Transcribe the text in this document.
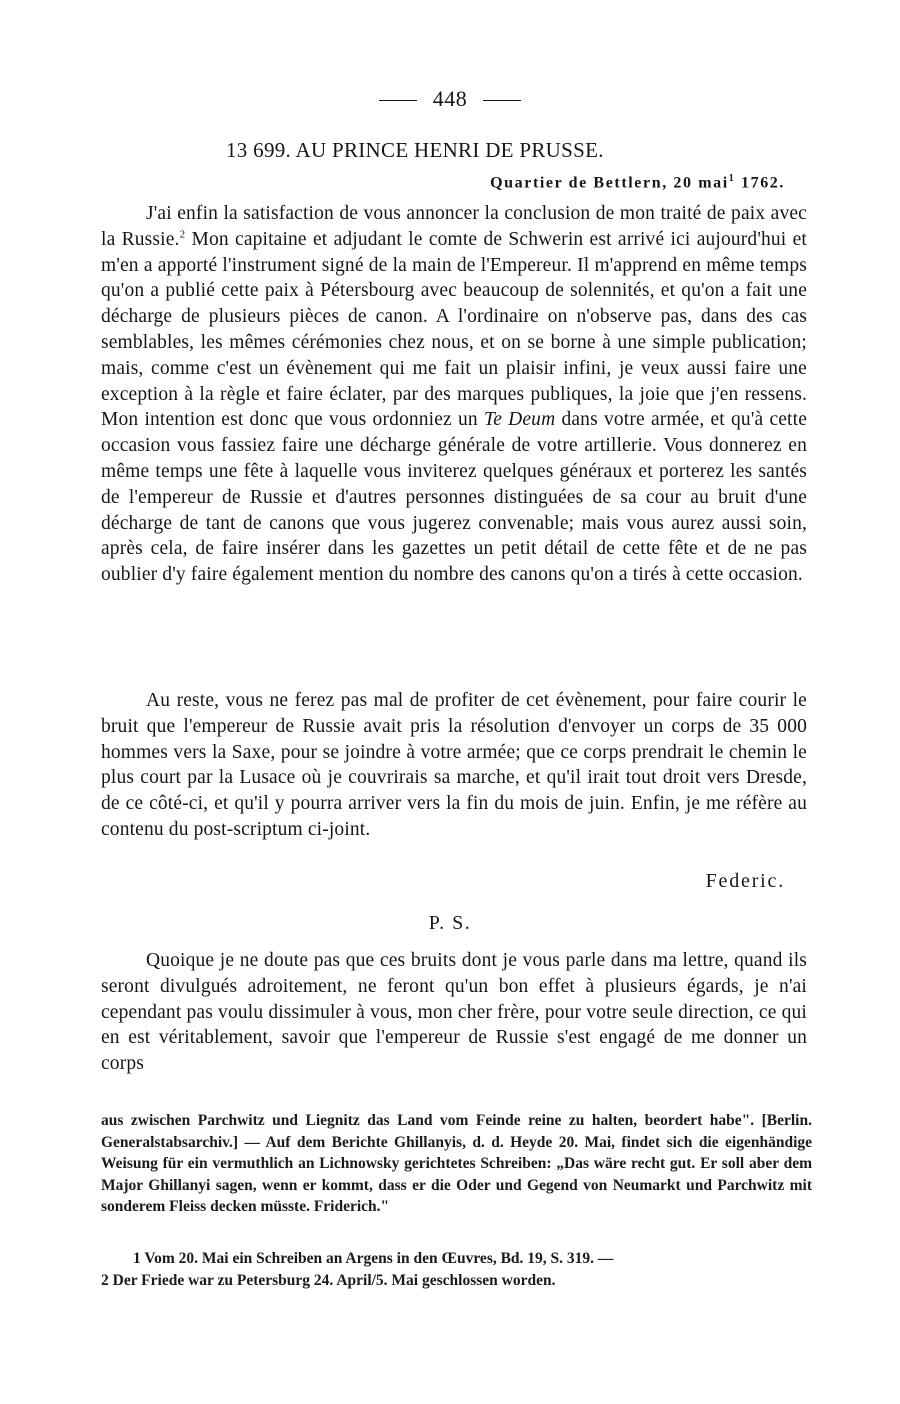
448
13 699. AU PRINCE HENRI DE PRUSSE.
Quartier de Bettlern, 20 mai$^1$ 1762.

J'ai enfin la satisfaction de vous annoncer la conclusion de mon traité de paix avec la Russie.$^2$ Mon capitaine et adjudant le comte de Schwerin est arrivé ici aujourd'hui et m'en a apporté l'instrument signé de la main de l'Empereur. Il m'apprend en même temps qu'on a publié cette paix à Pétersbourg avec beaucoup de solennités, et qu'on a fait une décharge de plusieurs pièces de canon. A l'ordinaire on n'observe pas, dans des cas semblables, les mêmes cérémonies chez nous, et on se borne à une simple publication; mais, comme c'est un évènement qui me fait un plaisir infini, je veux aussi faire une exception à la règle et faire éclater, par des marques publiques, la joie que j'en ressens. Mon intention est donc que vous ordonniez un Te Deum dans votre armée, et qu'à cette occasion vous fassiez faire une décharge générale de votre artillerie. Vous donnerez en même temps une fête à laquelle vous inviterez quelques généraux et porterez les santés de l'empereur de Russie et d'autres personnes distinguées de sa cour au bruit d'une décharge de tant de canons que vous jugerez convenable; mais vous aurez aussi soin, après cela, de faire insérer dans les gazettes un petit détail de cette fête et de ne pas oublier d'y faire également mention du nombre des canons qu'on a tirés à cette occasion.

Au reste, vous ne ferez pas mal de profiter de cet évènement, pour faire courir le bruit que l'empereur de Russie avait pris la résolution d'envoyer un corps de 35 000 hommes vers la Saxe, pour se joindre à votre armée; que ce corps prendrait le chemin le plus court par la Lusace où je couvrirais sa marche, et qu'il irait tout droit vers Dresde, de ce côté-ci, et qu'il y pourra arriver vers la fin du mois de juin. Enfin, je me réfère au contenu du post-scriptum ci-joint.

Federic.
P. S.

Quoique je ne doute pas que ces bruits dont je vous parle dans ma lettre, quand ils seront divulgués adroitement, ne feront qu'un bon effet à plusieurs égards, je n'ai cependant pas voulu dissimuler à vous, mon cher frère, pour votre seule direction, ce qui en est véritablement, savoir que l'empereur de Russie s'est engagé de me donner un corps

aus zwischen Parchwitz und Liegnitz das Land vom Feinde reine zu halten, beordert habe". [Berlin. Generalstabsarchiv.] — Auf dem Berichte Ghillanyis, d. d. Heyde 20. Mai, findet sich die eigenhändige Weisung für ein vermuthlich an Lichnowsky gerichtetes Schreiben: „Das wäre recht gut. Er soll aber dem Major Ghillanyi sagen, wenn er kommt, dass er die Oder und Gegend von Neumarkt und Parchwitz mit sonderem Fleiss decken müsste. Friderich."

1 Vom 20. Mai ein Schreiben an Argens in den Œuvres, Bd. 19, S. 319. —

2 Der Friede war zu Petersburg 24. April/5. Mai geschlossen worden.
